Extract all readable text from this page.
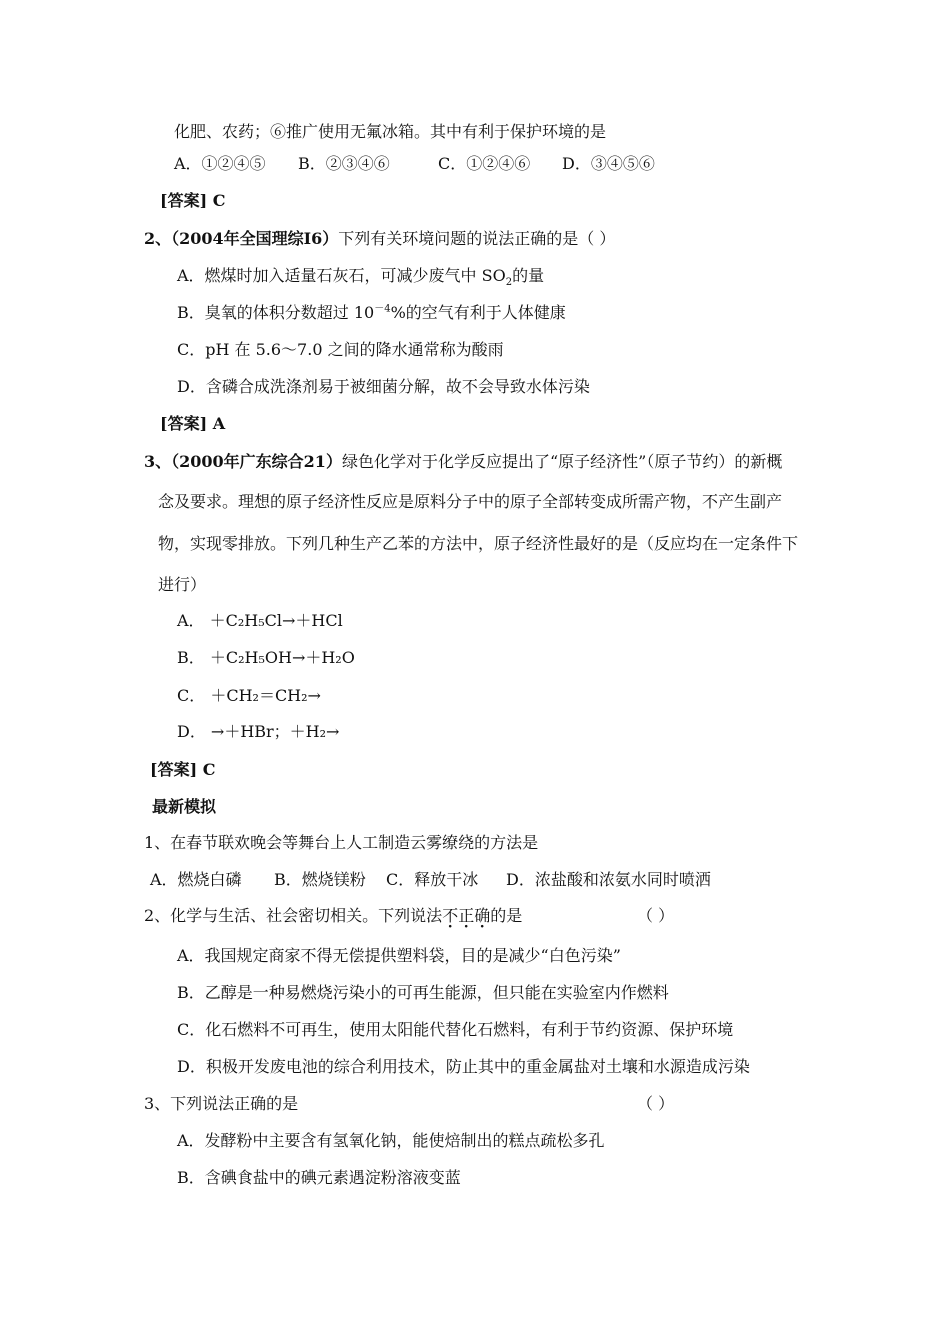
化肥、农药；⑥推广使用无氟冰箱。其中有利于保护环境的是
A．①②④⑤ B．②③④⑥	C．①②④⑥ D．③④⑤⑥
[答案] C
2、（2004年全国理综Ⅰ6）下列有关环境问题的说法正确的是（ ）
A．燃煤时加入适量石灰石，可减少废气中 $SO_2$的量
B．臭氧的体积分数超过 $10^{-4}\%$的空气有利于人体健康
C．pH 在 5.6～7.0 之间的降水通常称为酸雨
D．含磷合成洗涤剂易于被细菌分解，故不会导致水体污染
[答案] A
3、（2000年广东综合21）绿色化学对于化学反应提出了“原子经济性”（原子节约）的新概
念及要求。理想的原子经济性反应是原料分子中的原子全部转变成所需产物，不产生副产
物，实现零排放。下列几种生产乙苯的方法中，原子经济性最好的是（反应均在一定条件下
进行）
A． ＋C₂H₅Cl→＋HCl
B． ＋C₂H₅OH→＋H₂O
C． ＋CH₂＝CH₂→
D． →＋HBr；＋H₂→
[答案] C
最新模拟
1、在春节联欢晚会等舞台上人工制造云雾缭绕的方法是
A．燃烧白磷 B．燃烧镁粉 C．释放干冰 D．浓盐酸和浓氨水同时喷洒
2、化学与生活、社会密切相关。下列说法不正确的是	（ ）
A．我国规定商家不得无偿提供塑料袋，目的是减少“白色污染”
B．乙醇是一种易燃烧污染小的可再生能源，但只能在实验室内作燃料
C．化石燃料不可再生，使用太阳能代替化石燃料，有利于节约资源、保护环境
D．积极开发废电池的综合利用技术，防止其中的重金属盐对土壤和水源造成污染
3、下列说法正确的是	（ ）
A．发酵粉中主要含有氢氧化钠，能使焙制出的糕点疏松多孔
B．含碘食盐中的碘元素遇淀粉溶液变蓝
